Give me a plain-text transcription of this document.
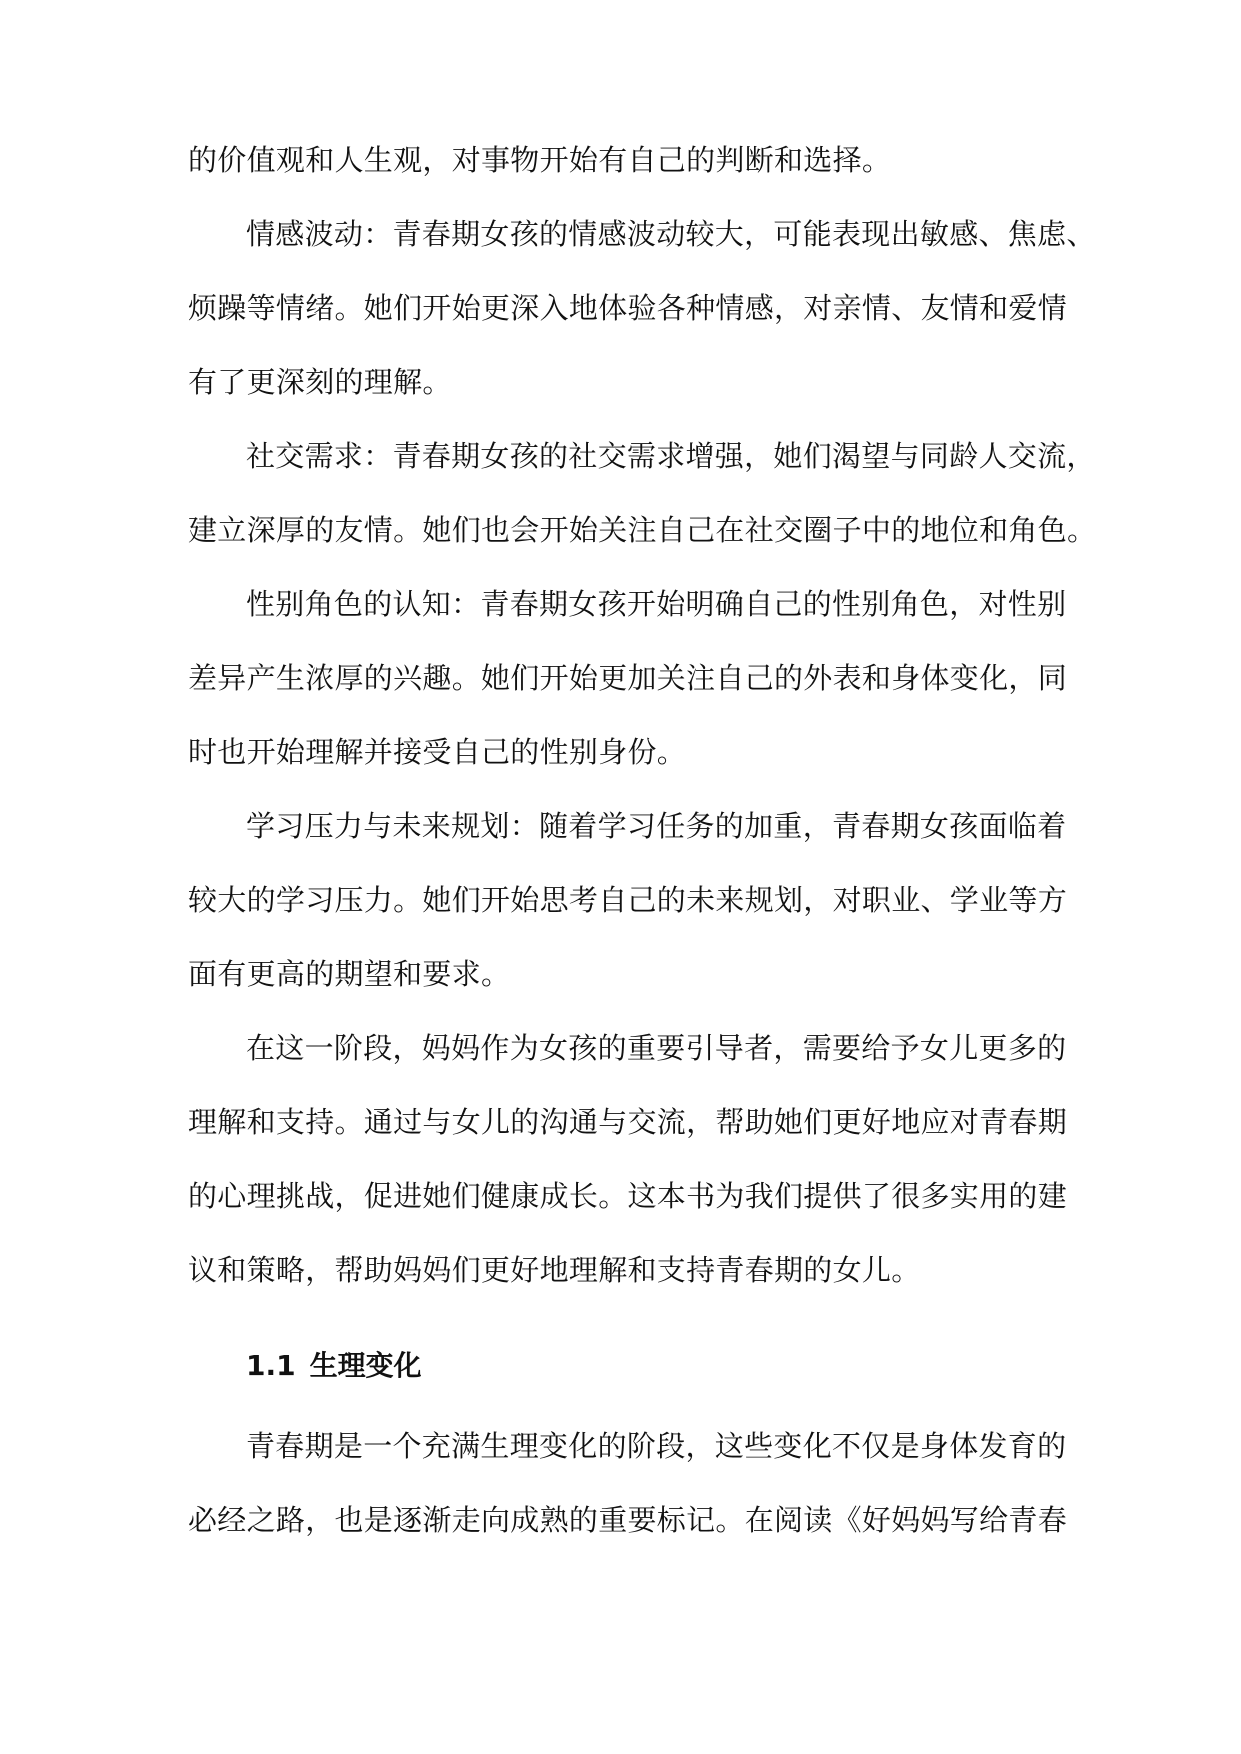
的价值观和人生观，对事物开始有自己的判断和选择。
情感波动：青春期女孩的情感波动较大，可能表现出敏感、焦虑、
烦躁等情绪。她们开始更深入地体验各种情感，对亲情、友情和爱情
有了更深刻的理解。
社交需求：青春期女孩的社交需求增强，她们渴望与同龄人交流，
建立深厚的友情。她们也会开始关注自己在社交圈子中的地位和角色。
性别角色的认知：青春期女孩开始明确自己的性别角色，对性别
差异产生浓厚的兴趣。她们开始更加关注自己的外表和身体变化，同
时也开始理解并接受自己的性别身份。
学习压力与未来规划：随着学习任务的加重，青春期女孩面临着
较大的学习压力。她们开始思考自己的未来规划，对职业、学业等方
面有更高的期望和要求。
在这一阶段，妈妈作为女孩的重要引导者，需要给予女儿更多的
理解和支持。通过与女儿的沟通与交流，帮助她们更好地应对青春期
的心理挑战，促进她们健康成长。这本书为我们提供了很多实用的建
议和策略，帮助妈妈们更好地理解和支持青春期的女儿。
1.1 生理变化
青春期是一个充满生理变化的阶段，这些变化不仅是身体发育的
必经之路，也是逐渐走向成熟的重要标记。在阅读《好妈妈写给青春
